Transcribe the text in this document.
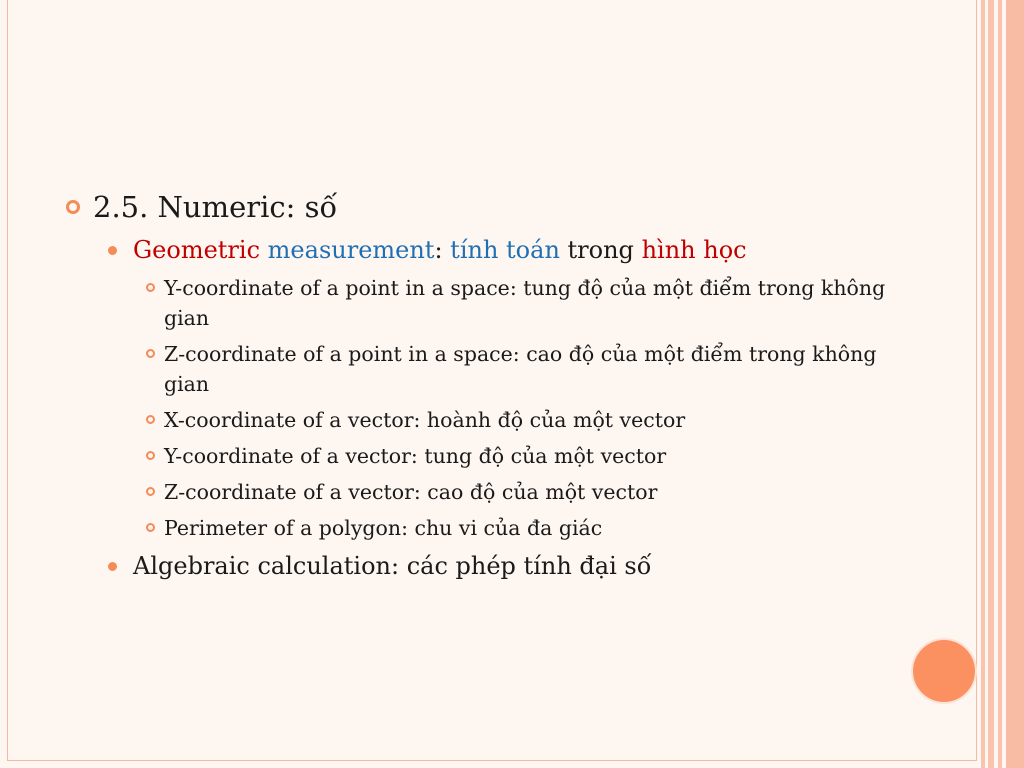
2.5. Numeric: số
Geometric measurement: tính toán trong hình học
Y-coordinate of a point in a space: tung độ của một điểm trong không gian
Z-coordinate of a point in a space: cao độ của một điểm trong không gian
X-coordinate of a vector: hoành độ của một vector
Y-coordinate of a vector: tung độ của một vector
Z-coordinate of a vector: cao độ của một vector
Perimeter of a polygon: chu vi của đa giác
Algebraic calculation: các phép tính đại số
